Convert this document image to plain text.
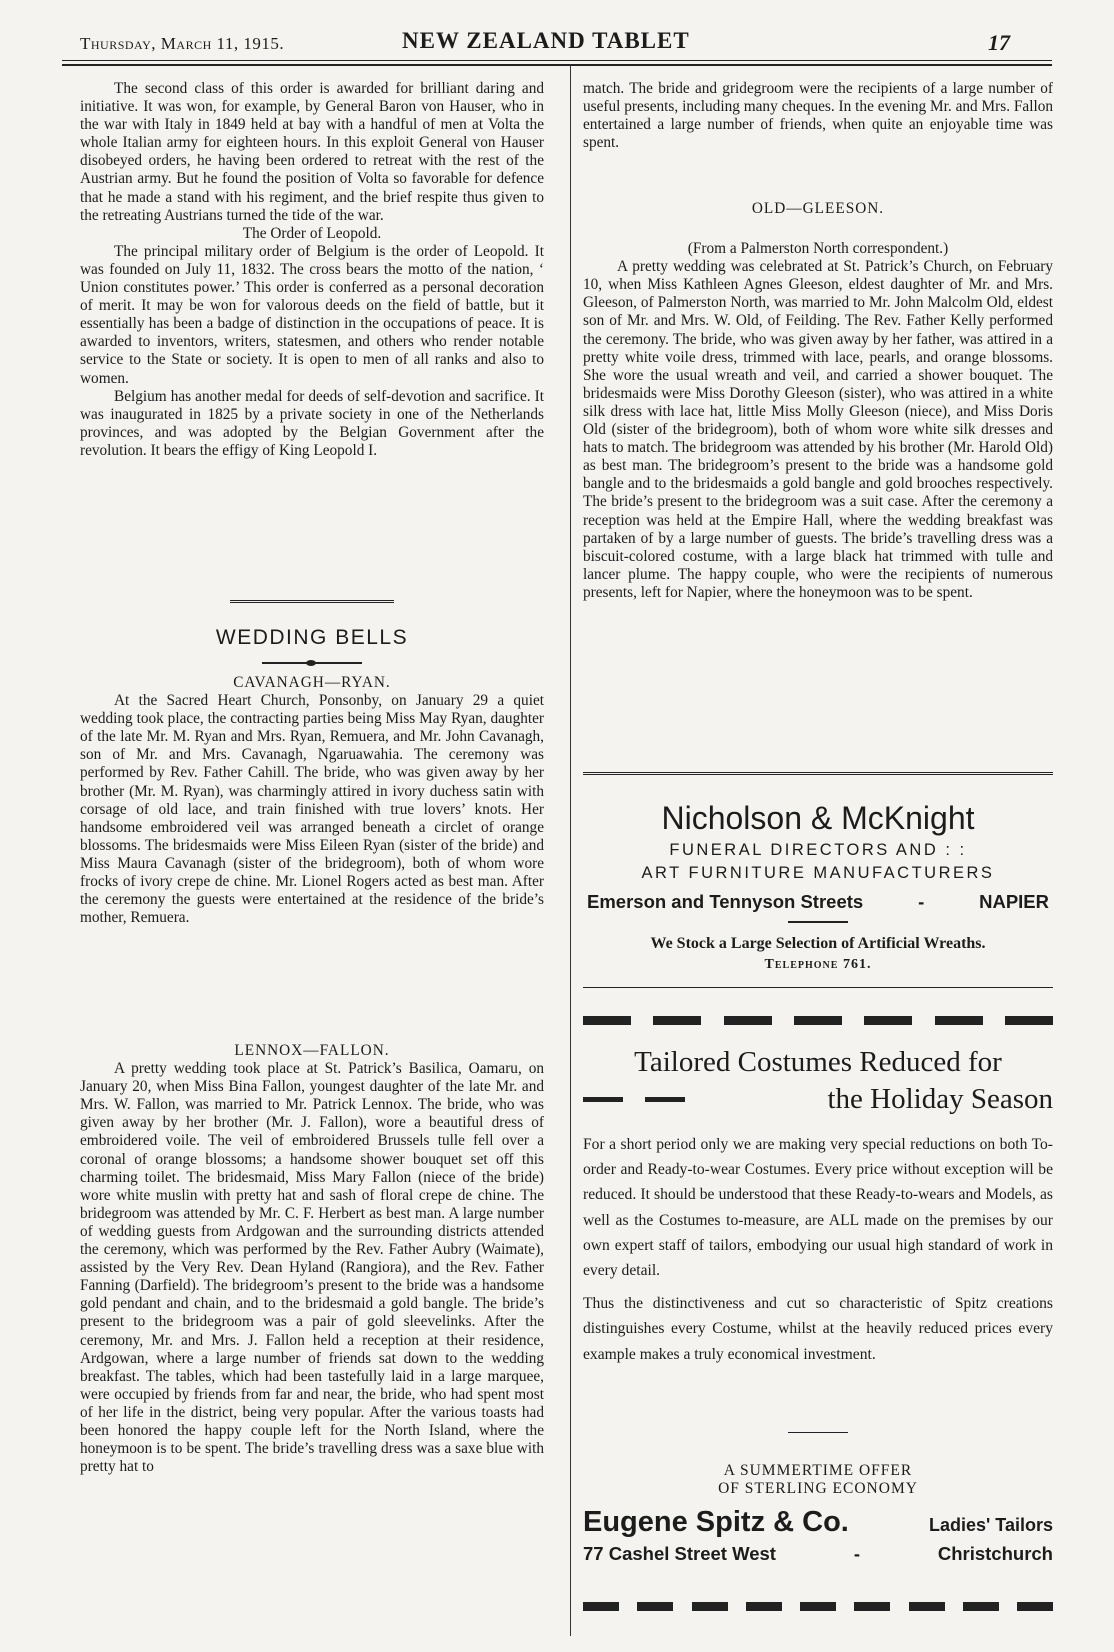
Thursday, March 11, 1915.	NEW ZEALAND TABLET	17

The second class of this order is awarded for brilliant daring and initiative. It was won, for example, by General Baron von Hauser, who in the war with Italy in 1849 held at bay with a handful of men at Volta the whole Italian army for eighteen hours. In this exploit General von Hauser disobeyed orders, he having been ordered to retreat with the rest of the Austrian army. But he found the position of Volta so favorable for defence that he made a stand with his regiment, and the brief respite thus given to the retreating Austrians turned the tide of the war.

The Order of Leopold.

The principal military order of Belgium is the order of Leopold. It was founded on July 11, 1832. The cross bears the motto of the nation, ‘ Union constitutes power.’ This order is conferred as a personal decoration of merit. It may be won for valorous deeds on the field of battle, but it essentially has been a badge of distinction in the occupations of peace. It is awarded to inventors, writers, statesmen, and others who render notable service to the State or society. It is open to men of all ranks and also to women.

Belgium has another medal for deeds of self-devotion and sacrifice. It was inaugurated in 1825 by a private society in one of the Netherlands provinces, and was adopted by the Belgian Government after the revolution. It bears the effigy of King Leopold I.

WEDDING BELLS
CAVANAGH—RYAN.

At the Sacred Heart Church, Ponsonby, on January 29 a quiet wedding took place, the contracting parties being Miss May Ryan, daughter of the late Mr. M. Ryan and Mrs. Ryan, Remuera, and Mr. John Cavanagh, son of Mr. and Mrs. Cavanagh, Ngaruawahia. The ceremony was performed by Rev. Father Cahill. The bride, who was given away by her brother (Mr. M. Ryan), was charmingly attired in ivory duchess satin with corsage of old lace, and train finished with true lovers’ knots. Her handsome embroidered veil was arranged beneath a circlet of orange blossoms. The bridesmaids were Miss Eileen Ryan (sister of the bride) and Miss Maura Cavanagh (sister of the bridegroom), both of whom wore frocks of ivory crepe de chine. Mr. Lionel Rogers acted as best man. After the ceremony the guests were entertained at the residence of the bride’s mother, Remuera.

LENNOX—FALLON.

A pretty wedding took place at St. Patrick’s Basilica, Oamaru, on January 20, when Miss Bina Fallon, youngest daughter of the late Mr. and Mrs. W. Fallon, was married to Mr. Patrick Lennox. The bride, who was given away by her brother (Mr. J. Fallon), wore a beautiful dress of embroidered voile. The veil of embroidered Brussels tulle fell over a coronal of orange blossoms; a handsome shower bouquet set off this charming toilet. The bridesmaid, Miss Mary Fallon (niece of the bride) wore white muslin with pretty hat and sash of floral crepe de chine. The bridegroom was attended by Mr. C. F. Herbert as best man. A large number of wedding guests from Ardgowan and the surrounding districts attended the ceremony, which was performed by the Rev. Father Aubry (Waimate), assisted by the Very Rev. Dean Hyland (Rangiora), and the Rev. Father Fanning (Darfield). The bridegroom’s present to the bride was a handsome gold pendant and chain, and to the bridesmaid a gold bangle. The bride’s present to the bridegroom was a pair of gold sleevelinks. After the ceremony, Mr. and Mrs. J. Fallon held a reception at their residence, Ardgowan, where a large number of friends sat down to the wedding breakfast. The tables, which had been tastefully laid in a large marquee, were occupied by friends from far and near, the bride, who had spent most of her life in the district, being very popular. After the various toasts had been honored the happy couple left for the North Island, where the honeymoon is to be spent. The bride’s travelling dress was a saxe blue with pretty hat to

match. The bride and gridegroom were the recipients of a large number of useful presents, including many cheques. In the evening Mr. and Mrs. Fallon entertained a large number of friends, when quite an enjoyable time was spent.

OLD—GLEESON.
(From a Palmerston North correspondent.)

A pretty wedding was celebrated at St. Patrick’s Church, on February 10, when Miss Kathleen Agnes Gleeson, eldest daughter of Mr. and Mrs. Gleeson, of Palmerston North, was married to Mr. John Malcolm Old, eldest son of Mr. and Mrs. W. Old, of Feilding. The Rev. Father Kelly performed the ceremony. The bride, who was given away by her father, was attired in a pretty white voile dress, trimmed with lace, pearls, and orange blossoms. She wore the usual wreath and veil, and carried a shower bouquet. The bridesmaids were Miss Dorothy Gleeson (sister), who was attired in a white silk dress with lace hat, little Miss Molly Gleeson (niece), and Miss Doris Old (sister of the bridegroom), both of whom wore white silk dresses and hats to match. The bridegroom was attended by his brother (Mr. Harold Old) as best man. The bridegroom’s present to the bride was a handsome gold bangle and to the bridesmaids a gold bangle and gold brooches respectively. The bride’s present to the bridegroom was a suit case. After the ceremony a reception was held at the Empire Hall, where the wedding breakfast was partaken of by a large number of guests. The bride’s travelling dress was a biscuit-colored costume, with a large black hat trimmed with tulle and lancer plume. The happy couple, who were the recipients of numerous presents, left for Napier, where the honeymoon was to be spent.

Nicholson & McKnight
FUNERAL DIRECTORS AND : :
ART FURNITURE MANUFACTURERS
Emerson and Tennyson Streets	-	NAPIER
We Stock a Large Selection of Artificial Wreaths.
Telephone 761.
Tailored Costumes Reduced for
the Holiday Season

For a short period only we are making very special reductions on both To-order and Ready-to-wear Costumes. Every price without exception will be reduced. It should be understood that these Ready-to-wears and Models, as well as the Costumes to-measure, are ALL made on the premises by our own expert staff of tailors, embodying our usual high standard of work in every detail.

Thus the distinctiveness and cut so characteristic of Spitz creations distinguishes every Costume, whilst at the heavily reduced prices every example makes a truly economical investment.

A SUMMERTIME OFFER
OF STERLING ECONOMY
Eugene Spitz & Co.	Ladies' Tailors
77 Cashel Street West	-	Christchurch
